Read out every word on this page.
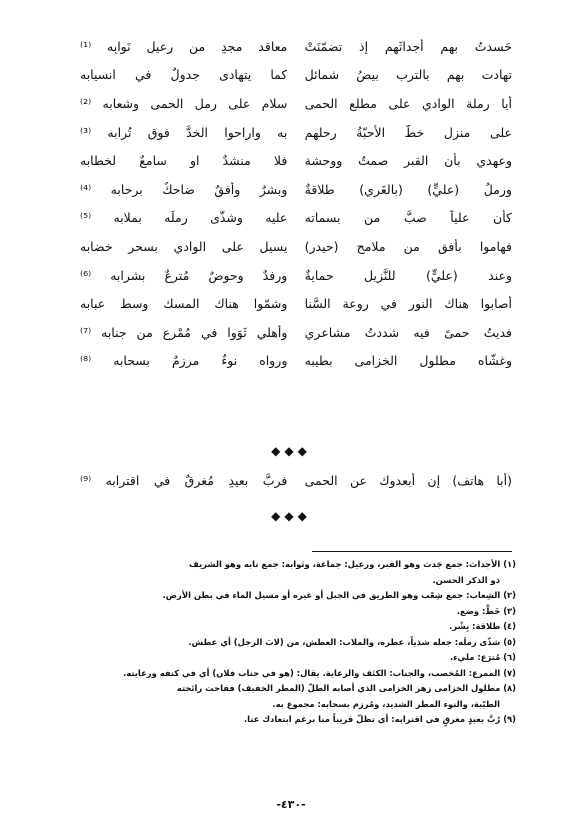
حَسدتُ بهم أجداثَهم إذ تضمّنَتْ
معاقد مجدٍ من رعيلٍ نَوابِه ⁽¹⁾
تهادت بهم بالترب بيضُ شمائلٍ
كما يتهادى جدولٌ في انسيابه
أيا رملة الوادي على مطلع الحمى
سلام على رمل الحمى وشعابه ⁽²⁾
على منزل خطَّ الأحبّةُ رحلهم
به واراحوا الخدَّ فوق تُرابه ⁽³⁾
وعهدي بأن القبر صمتٌ ووحشة
فلا منشدٌ او سامعٌ لخطابه
ورملُ (عليٍّ) (بالغَري) طلاقةٌ
وبشرٌ وأُفقٌ ضاحكٌ برحابه ⁽⁴⁾
كأن علياً صبَّ من بسماته
عليه وشذَّى رملَه بملابه ⁽⁵⁾
فهاموا بأفقٍ من ملامح (حيدر)
يسيل على الوادي بسحر خضابه
وعند (عليٍّ) للنَّزيل حمايةٌ
ورفدٌ وحوضٌ مُترعٌ بشرابه ⁽⁶⁾
أصابوا هناك النور في روعة السَّنا
وشمّوا هناك المسك وسط عبابه
فديتُ حمىً فيه شددتُ مشاعري
وأهلي ثَوَوا في مُمْرعٍ من جنابه ⁽⁷⁾
وغشّاه مطلول الخزامى بطيبه
ورواه نوءٌ مرزمٌ بسحابه ⁽⁸⁾
◆◆◆
(أبا هاتف) إن أبعدوك عن الحمى
فربَّ بعيدٍ مُغرقٌ في اقترابه ⁽⁹⁾
◆◆◆
(١) الأجداث: جمع جَدث وهو القبر، ورعيل: جماعة، ونَوابه: جمع نابه وهو الشريف
ذو الذكر الحسن.
(٢) الشِعاب: جمع شِعْب وهو الطريق في الجبل أو غيره أو مسيل الماء في بطن الأرض.
(٣) خَطَّ: وضع.
(٤) طلاقة: بِشْر.
(٥) شذّى رملَه: جعله شذياً، عطره، والملاب: العطش، من (لابَ الرجل) أي عطش.
(٦) مُترَع: مليء.
(٧) الممرع: المُخصب، والجناب: الكنَف والرعاية. يقال: (هو في جناب فلان) أي في كنفه ورعايته.
(٨) مطلول الخزامى زهر الخزامى الذي أصابه الطلّ (المطر الخفيف) ففاحت رائحته
الطيّبة، والنوء المطر الشديد، ومُرزم بسحابه: مجموع به.
(٩) رُبَّ بعيدٍ مغرقٍ في اقترابه: أي تظلّ قريباً منا برغم ابتعادك عنا.
-٤٣٠-
